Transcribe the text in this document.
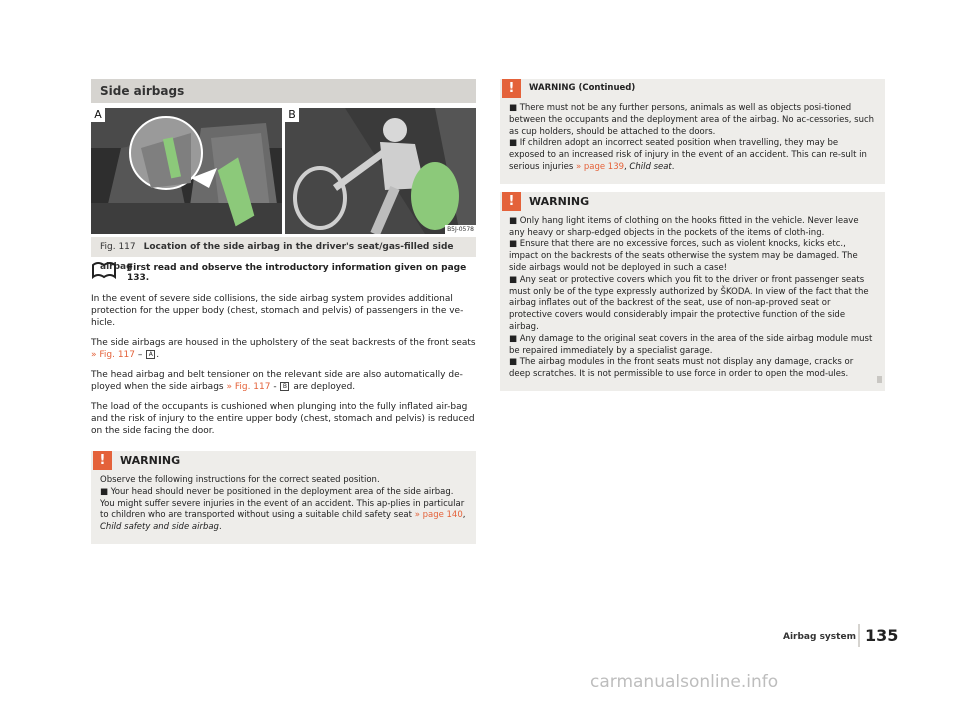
Side airbags
A	B
B5J-0578
Fig. 117 Location of the side airbag in the driver's seat/gas-filled side airbag
First read and observe the introductory information given on page 133.

In the event of severe side collisions, the side airbag system provides additional protection for the upper body (chest, stomach and pelvis) of passengers in the ve-hicle.

The side airbags are housed in the upholstery of the seat backrests of the front seats » Fig. 117 – A .

The head airbag and belt tensioner on the relevant side are also automatically de-ployed when the side airbags » Fig. 117 - B are deployed.

The load of the occupants is cushioned when plunging into the fully inflated air-bag and the risk of injury to the entire upper body (chest, stomach and pelvis) is reduced on the side facing the door.

!	WARNING
Observe the following instructions for the correct seated position.
■ Your head should never be positioned in the deployment area of the side airbag. You might suffer severe injuries in the event of an accident. This ap-plies in particular to children who are transported without using a suitable child safety seat » page 140, Child safety and side airbag.
!	WARNING (Continued)
■ There must not be any further persons, animals as well as objects posi-tioned between the occupants and the deployment area of the airbag. No ac-cessories, such as cup holders, should be attached to the doors.
■ If children adopt an incorrect seated position when travelling, they may be exposed to an increased risk of injury in the event of an accident. This can re-sult in serious injuries » page 139, Child seat.
!	WARNING
■ Only hang light items of clothing on the hooks fitted in the vehicle. Never leave any heavy or sharp-edged objects in the pockets of the items of cloth-ing.
■ Ensure that there are no excessive forces, such as violent knocks, kicks etc., impact on the backrests of the seats otherwise the system may be damaged. The side airbags would not be deployed in such a case!
■ Any seat or protective covers which you fit to the driver or front passenger seats must only be of the type expressly authorized by ŠKODA. In view of the fact that the airbag inflates out of the backrest of the seat, use of non-ap-proved seat or protective covers would considerably impair the protective function of the side airbag.
■ Any damage to the original seat covers in the area of the side airbag module must be repaired immediately by a specialist garage.
■ The airbag modules in the front seats must not display any damage, cracks or deep scratches. It is not permissible to use force in order to open the mod-ules.
Airbag system 135
carmanualsonline.info
